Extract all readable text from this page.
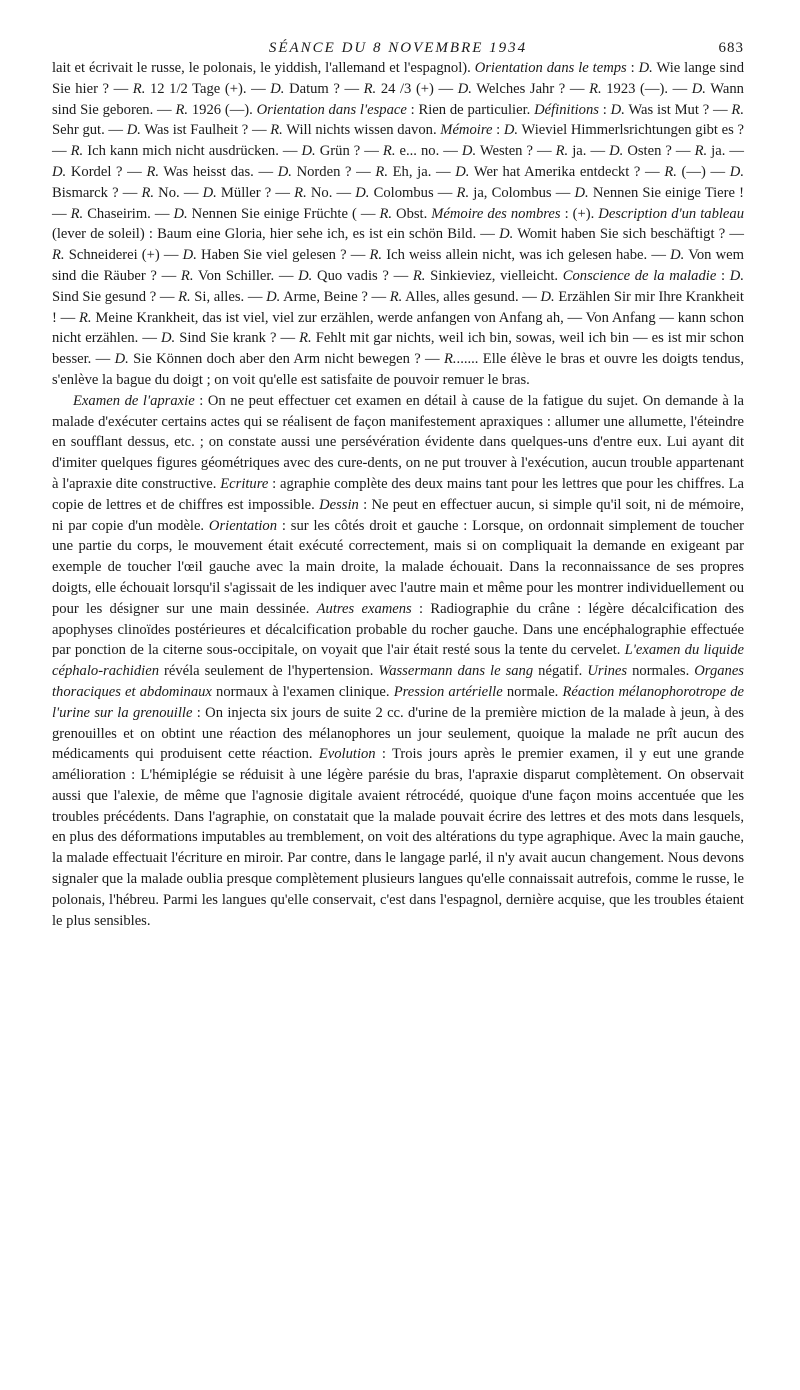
SÉANCE DU 8 NOVEMBRE 1934	683

lait et écrivait le russe, le polonais, le yiddish, l'allemand et l'espagnol). Orientation dans le temps : D. Wie lange sind Sie hier ? — R. 12 1/2 Tage (+). — D. Datum ? — R. 24 /3 (+) — D. Welches Jahr ? — R. 1923 (—). — D. Wann sind Sie geboren. — R. 1926 (—). Orientation dans l'espace : Rien de particulier. Définitions : D. Was ist Mut ? — R. Sehr gut. — D. Was ist Faulheit ? — R. Will nichts wissen davon. Mémoire : D. Wieviel Himmerlsrichtungen gibt es ? — R. Ich kann mich nicht ausdrücken. — D. Grün ? — R. e... no. — D. Westen ? — R. ja. — D. Osten ? — R. ja. — D. Kordel ? — R. Was heisst das. — D. Norden ? — R. Eh, ja. — D. Wer hat Amerika entdeckt ? — R. (—) — D. Bismarck ? — R. No. — D. Müller ? — R. No. — D. Colombus — R. ja, Colombus — D. Nennen Sie einige Tiere ! — R. Chaseirim. — D. Nennen Sie einige Früchte ( — R. Obst. Mémoire des nombres : (+). Description d'un tableau (lever de soleil) : Baum eine Gloria, hier sehe ich, es ist ein schön Bild. — D. Womit haben Sie sich beschäftigt ? — R. Schneiderei (+) — D. Haben Sie viel gelesen ? — R. Ich weiss allein nicht, was ich gelesen habe. — D. Von wem sind die Räuber ? — R. Von Schiller. — D. Quo vadis ? — R. Sinkieviez, vielleicht. Conscience de la maladie : D. Sind Sie gesund ? — R. Si, alles. — D. Arme, Beine ? — R. Alles, alles gesund. — D. Erzählen Sir mir Ihre Krankheit ! — R. Meine Krankheit, das ist viel, viel zur erzählen, werde anfangen von Anfang ah, — Von Anfang — kann schon nicht erzählen. — D. Sind Sie krank ? — R. Fehlt mit gar nichts, weil ich bin, sowas, weil ich bin — es ist mir schon besser. — D. Sie Können doch aber den Arm nicht bewegen ? — R....... Elle élève le bras et ouvre les doigts tendus, s'enlève la bague du doigt ; on voit qu'elle est satisfaite de pouvoir remuer le bras.

Examen de l'apraxie : On ne peut effectuer cet examen en détail à cause de la fatigue du sujet. On demande à la malade d'exécuter certains actes qui se réalisent de façon manifestement apraxiques : allumer une allumette, l'éteindre en soufflant dessus, etc. ; on constate aussi une persévération évidente dans quelques-uns d'entre eux. Lui ayant dit d'imiter quelques figures géométriques avec des cure-dents, on ne put trouver à l'exécution, aucun trouble appartenant à l'apraxie dite constructive. Ecriture : agraphie complète des deux mains tant pour les lettres que pour les chiffres. La copie de lettres et de chiffres est impossible. Dessin : Ne peut en effectuer aucun, si simple qu'il soit, ni de mémoire, ni par copie d'un modèle. Orientation : sur les côtés droit et gauche : Lorsque, on ordonnait simplement de toucher une partie du corps, le mouvement était exécuté correctement, mais si on compliquait la demande en exigeant par exemple de toucher l'œil gauche avec la main droite, la malade échouait. Dans la reconnaissance de ses propres doigts, elle échouait lorsqu'il s'agissait de les indiquer avec l'autre main et même pour les montrer individuellement ou pour les désigner sur une main dessinée. Autres examens : Radiographie du crâne : légère décalcification des apophyses clinoïdes postérieures et décalcification probable du rocher gauche. Dans une encéphalographie effectuée par ponction de la citerne sous-occipitale, on voyait que l'air était resté sous la tente du cervelet. L'examen du liquide céphalo-rachidien révéla seulement de l'hypertension. Wassermann dans le sang négatif. Urines normales. Organes thoraciques et abdominaux normaux à l'examen clinique. Pression artérielle normale. Réaction mélanophorotrope de l'urine sur la grenouille : On injecta six jours de suite 2 cc. d'urine de la première miction de la malade à jeun, à des grenouilles et on obtint une réaction des mélanophores un jour seulement, quoique la malade ne prît aucun des médicaments qui produisent cette réaction. Evolution : Trois jours après le premier examen, il y eut une grande amélioration : L'hémiplégie se réduisit à une légère parésie du bras, l'apraxie disparut complètement. On observait aussi que l'alexie, de même que l'agnosie digitale avaient rétrocédé, quoique d'une façon moins accentuée que les troubles précédents. Dans l'agraphie, on constatait que la malade pouvait écrire des lettres et des mots dans lesquels, en plus des déformations imputables au tremblement, on voit des altérations du type agraphique. Avec la main gauche, la malade effectuait l'écriture en miroir. Par contre, dans le langage parlé, il n'y avait aucun changement. Nous devons signaler que la malade oublia presque complètement plusieurs langues qu'elle connaissait autrefois, comme le russe, le polonais, l'hébreu. Parmi les langues qu'elle conservait, c'est dans l'espagnol, dernière acquise, que les troubles étaient le plus sensibles.
